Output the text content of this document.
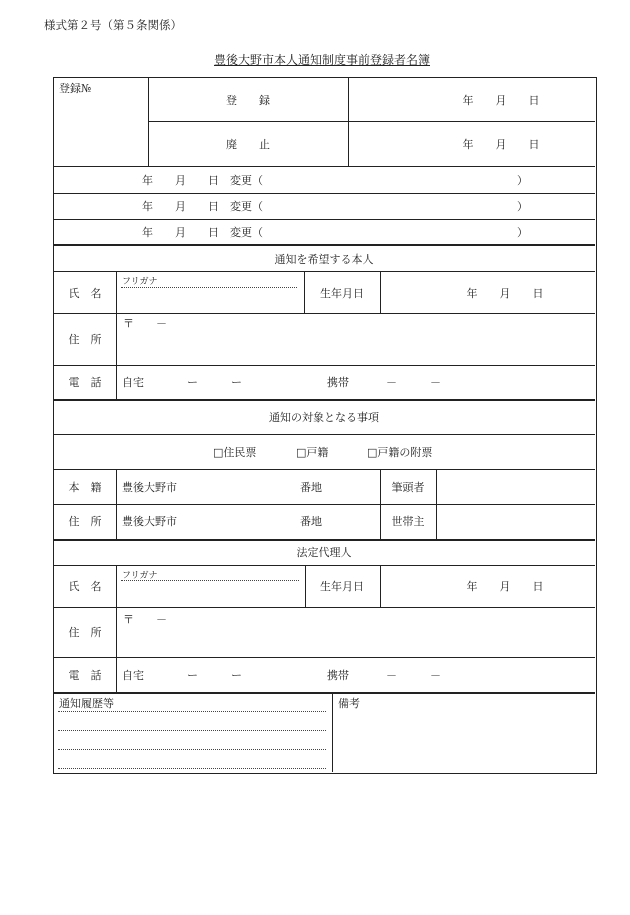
様式第２号（第５条関係）
豊後大野市本人通知制度事前登録者名簿
登録№
登　　録	年　　月　　日
廃　　止	年　　月　　日
年　　月　　日　変更（	）
年　　月　　日　変更（	）
年　　月　　日　変更（	）
通知を希望する本人
フリガナ
氏　名	生年月日	年　　月　　日
〒　　－
住　所
電　話 自宅	ー　　　ー	携帯	－　　　－
通知の対象となる事項
□住民票	□戸籍	□戸籍の附票
本　籍 豊後大野市	番地	筆頭者
住　所 豊後大野市	番地	世帯主
法定代理人
フリガナ
氏　名	生年月日	年　　月　　日
〒　　－
住　所
電　話 自宅	ー　　　ー	携帯	－　　　－
通知履歴等	備考
